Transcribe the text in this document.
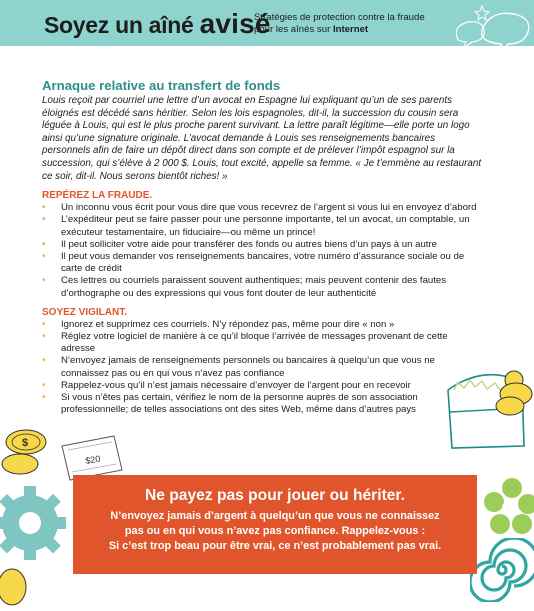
Soyez un aîné avisé
Stratégies de protection contre la fraude
pour les aînés sur Internet
Arnaque relative au transfert de fonds

Louis reçoit par courriel une lettre d’un avocat en Espagne lui expliquant qu’un de ses parents éloignés est décédé sans héritier. Selon les lois espagnoles, dit-il, la succession du cousin sera léguée à Louis, qui est le plus proche parent survivant. La lettre paraît légitime—elle porte un logo ainsi qu’une signature originale. L’avocat demande à Louis ses renseignements bancaires personnels afin de faire un dépôt direct dans son compte et de prélever l’impôt espagnol sur la succession, qui s’élève à 2 000 $. Louis, tout excité, appelle sa femme. « Je t’emmène au restaurant ce soir, dit-il. Nous serons bientôt riches! »

REPÉREZ LA FRAUDE.
• Un inconnu vous écrit pour vous dire que vous recevrez de l’argent si vous lui en envoyez d’abord
• L’expéditeur peut se faire passer pour une personne importante, tel un avocat, un comptable, un exécuteur testamentaire, un fiduciaire—ou même un prince!
• Il peut solliciter votre aide pour transférer des fonds ou autres biens d’un pays à un autre
• Il peut vous demander vos renseignements bancaires, votre numéro d’assurance sociale ou de carte de crédit
• Ces lettres ou courriels paraissent souvent authentiques; mais peuvent contenir des fautes d’orthographe ou des expressions qui vous font douter de leur authenticité
SOYEZ VIGILANT.
• Ignorez et supprimez ces courriels. N’y répondez pas, même pour dire « non »
• Réglez votre logiciel de manière à ce qu’il bloque l’arrivée de messages provenant de cette adresse
• N’envoyez jamais de renseignements personnels ou bancaires à quelqu’un que vous ne connaissez pas ou en qui vous n’avez pas confiance
• Rappelez-vous qu’il n’est jamais nécessaire d’envoyer de l’argent pour en recevoir
• Si vous n’êtes pas certain, vérifiez le nom de la personne auprès de son association professionnelle; de telles associations ont des sites Web, même dans d’autres pays
$
$20
Ne payez pas pour jouer ou hériter.
N’envoyez jamais d’argent à quelqu’un que vous ne connaissez
pas ou en qui vous n’avez pas confiance. Rappelez-vous :
Si c’est trop beau pour être vrai, ce n’est probablement pas vrai.
